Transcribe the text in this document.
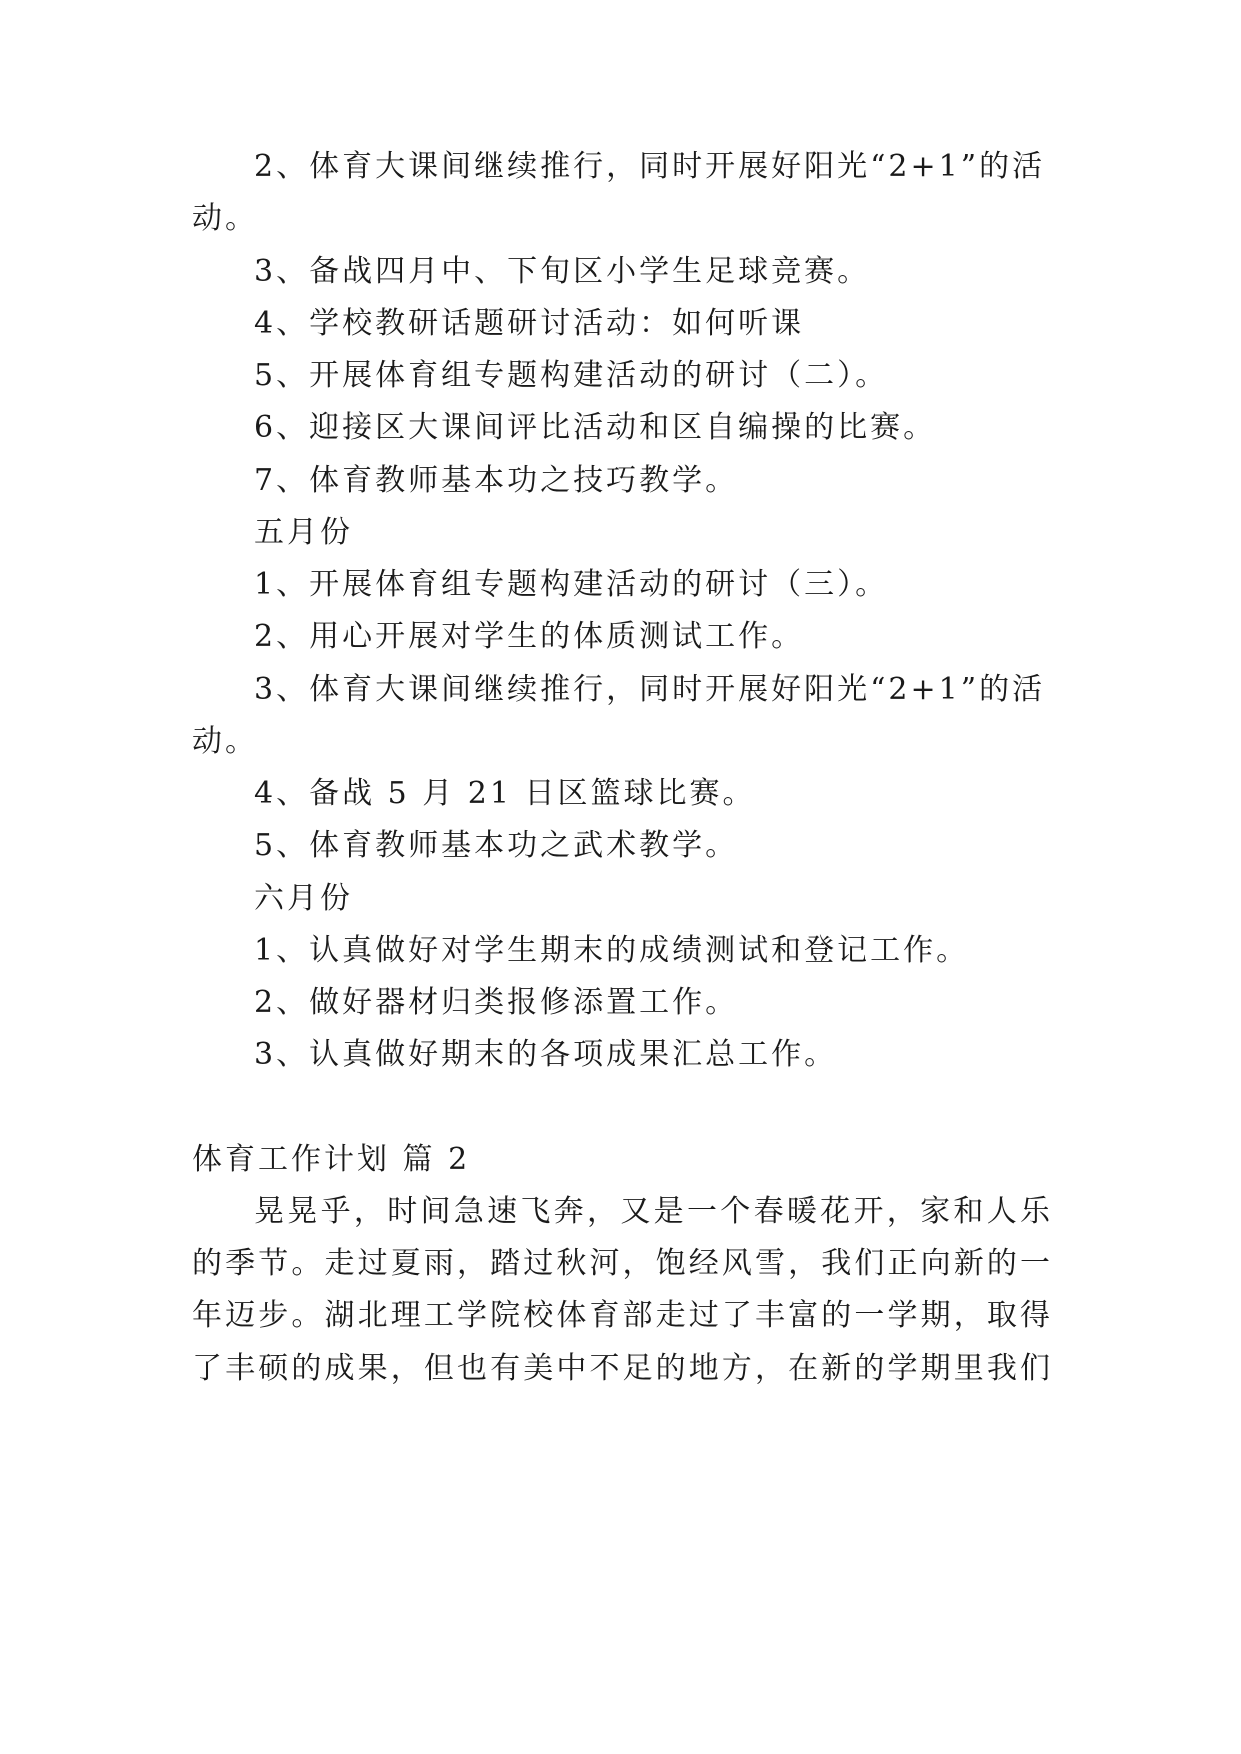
2、体育大课间继续推行，同时开展好阳光“2+1”的活
动。
3、备战四月中、下旬区小学生足球竞赛。
4、学校教研话题研讨活动：如何听课
5、开展体育组专题构建活动的研讨（二）。
6、迎接区大课间评比活动和区自编操的比赛。
7、体育教师基本功之技巧教学。
五月份
1、开展体育组专题构建活动的研讨（三）。
2、用心开展对学生的体质测试工作。
3、体育大课间继续推行，同时开展好阳光“2+1”的活
动。
4、备战 5 月 21 日区篮球比赛。
5、体育教师基本功之武术教学。
六月份
1、认真做好对学生期末的成绩测试和登记工作。
2、做好器材归类报修添置工作。
3、认真做好期末的各项成果汇总工作。
体育工作计划 篇 2
晃晃乎，时间急速飞奔，又是一个春暖花开，家和人乐
的季节。走过夏雨，踏过秋河，饱经风雪，我们正向新的一
年迈步。湖北理工学院校体育部走过了丰富的一学期，取得
了丰硕的成果，但也有美中不足的地方，在新的学期里我们
